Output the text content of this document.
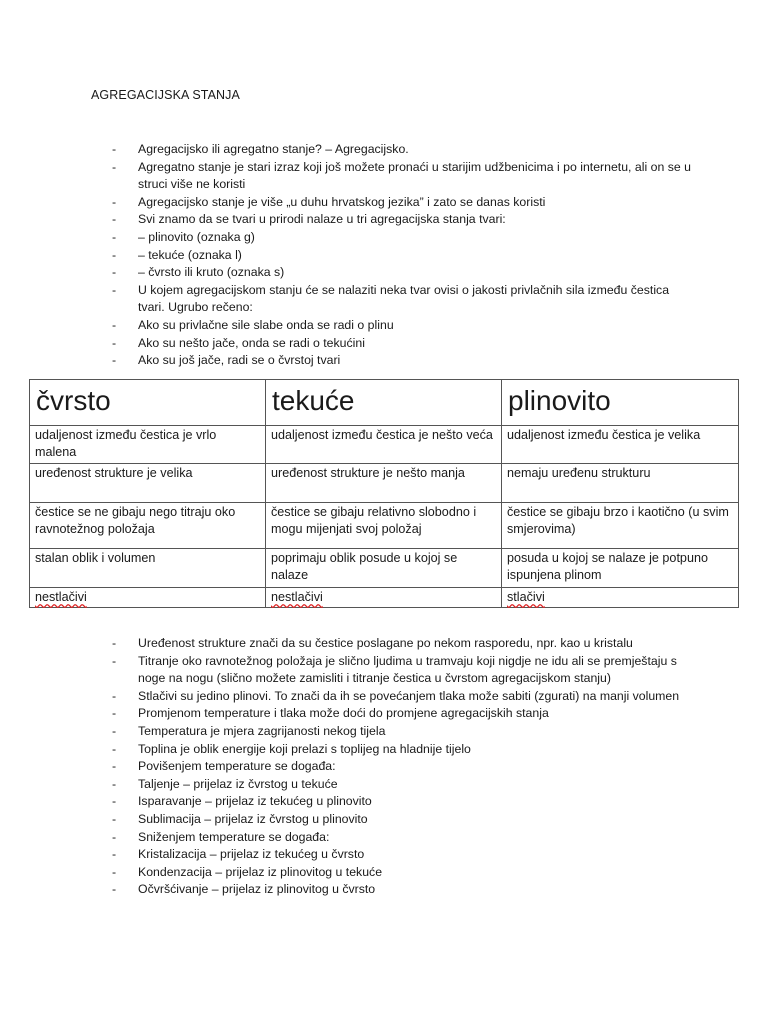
AGREGACIJSKA STANJA
- Agregacijsko ili agregatno stanje? – Agregacijsko.
- Agregatno stanje je stari izraz koji još možete pronaći u starijim udžbenicima i po internetu, ali on se u struci više ne koristi
- Agregacijsko stanje je više „u duhu hrvatskog jezika” i zato se danas koristi
- Svi znamo da se tvari u prirodi nalaze u tri agregacijska stanja tvari:
- – plinovito (oznaka g)
- – tekuće (oznaka l)
- – čvrsto ili kruto (oznaka s)
- U kojem agregacijskom stanju će se nalaziti neka tvar ovisi o jakosti privlačnih sila između čestica tvari. Ugrubo rečeno:
- Ako su privlačne sile slabe onda se radi o plinu
- Ako su nešto jače, onda se radi o tekućini
- Ako su još jače, radi se o čvrstoj tvari
čvrsto	tekuće	plinovito
udaljenost između čestica je vrlo malena	udaljenost između čestica je nešto veća	udaljenost između čestica je velika
uređenost strukture je velika	uređenost strukture je nešto manja	nemaju uređenu strukturu
čestice se ne gibaju nego titraju oko ravnotežnog položaja	čestice se gibaju relativno slobodno i mogu mijenjati svoj položaj	čestice se gibaju brzo i kaotično (u svim smjerovima)
stalan oblik i volumen	poprimaju oblik posude u kojoj se nalaze	posuda u kojoj se nalaze je potpuno ispunjena plinom
nestlačivi	nestlačivi	stlačivi
- Uređenost strukture znači da su čestice poslagane po nekom rasporedu, npr. kao u kristalu
- Titranje oko ravnotežnog položaja je slično ljudima u tramvaju koji nigdje ne idu ali se premještaju s noge na nogu (slično možete zamisliti i titranje čestica u čvrstom agregacijskom stanju)
- Stlačivi su jedino plinovi. To znači da ih se povećanjem tlaka može sabiti (zgurati) na manji volumen
- Promjenom temperature i tlaka može doći do promjene agregacijskih stanja
- Temperatura je mjera zagrijanosti nekog tijela
- Toplina je oblik energije koji prelazi s toplijeg na hladnije tijelo
- Povišenjem temperature se događa:
- Taljenje – prijelaz iz čvrstog u tekuće
- Isparavanje – prijelaz iz tekućeg u plinovito
- Sublimacija – prijelaz iz čvrstog u plinovito
- Sniženjem temperature se događa:
- Kristalizacija – prijelaz iz tekućeg u čvrsto
- Kondenzacija – prijelaz iz plinovitog u tekuće
- Očvršćivanje – prijelaz iz plinovitog u čvrsto
